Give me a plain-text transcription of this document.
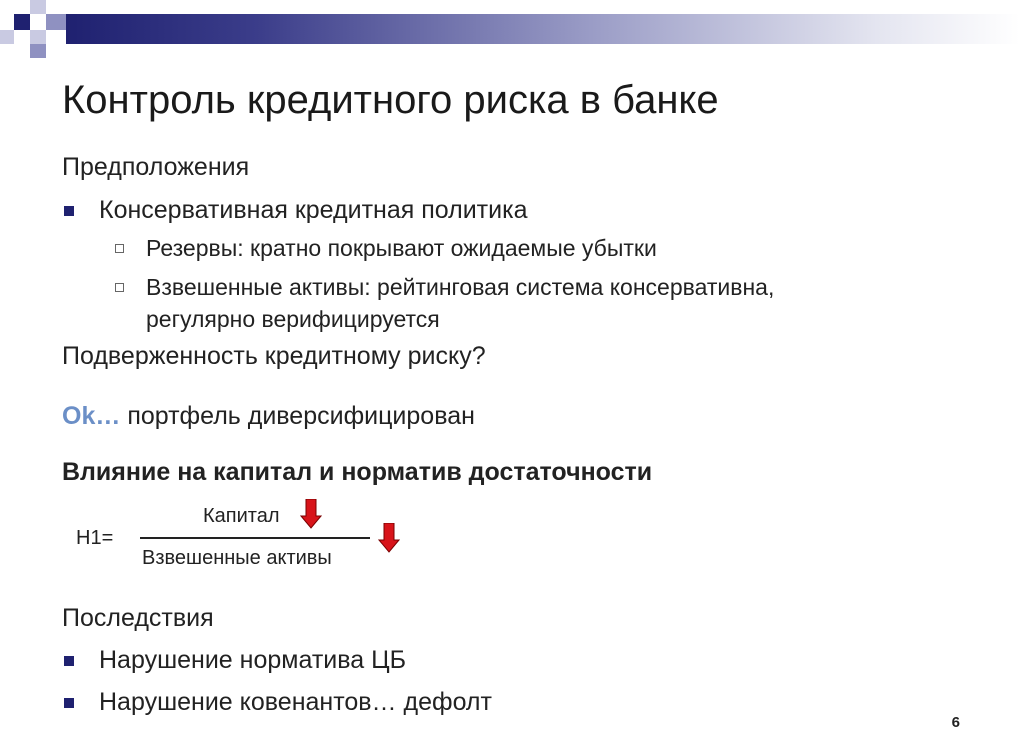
Контроль кредитного риска в банке
Предположения
Консервативная кредитная политика
Резервы: кратно покрывают ожидаемые убытки
Взвешенные активы: рейтинговая система консервативна,
регулярно верифицируется
Подверженность кредитному риску?
Ok… портфель диверсифицирован
Влияние на капитал и норматив достаточности
Н1=
Капитал
Взвешенные активы
Последствия
Нарушение норматива ЦБ
Нарушение ковенантов… дефолт
6
